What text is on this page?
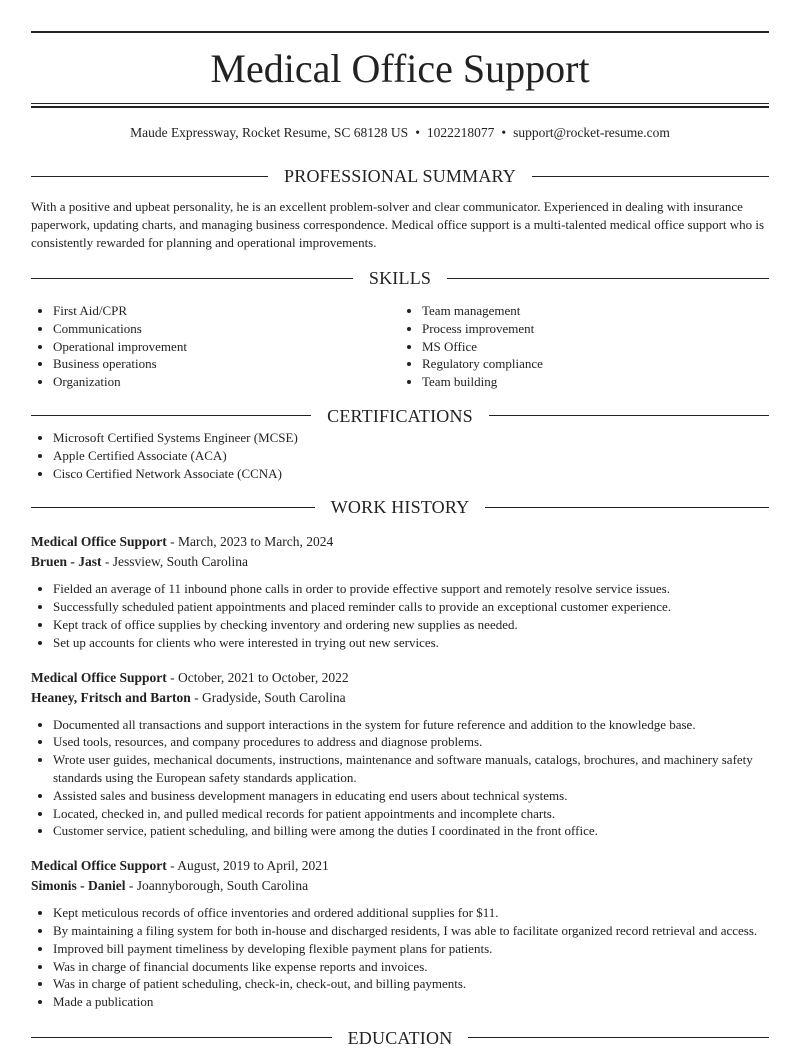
Medical Office Support
Maude Expressway, Rocket Resume, SC 68128 US • 1022218077 • support@rocket-resume.com
PROFESSIONAL SUMMARY

With a positive and upbeat personality, he is an excellent problem-solver and clear communicator. Experienced in dealing with insurance paperwork, updating charts, and managing business correspondence. Medical office support is a multi-talented medical office support who is consistently rewarded for planning and operational improvements.

SKILLS
• First Aid/CPR
• Communications
• Operational improvement
• Business operations
• Organization
• Team management
• Process improvement
• MS Office
• Regulatory compliance
• Team building
CERTIFICATIONS
• Microsoft Certified Systems Engineer (MCSE)
• Apple Certified Associate (ACA)
• Cisco Certified Network Associate (CCNA)
WORK HISTORY
Medical Office Support - March, 2023 to March, 2024
Bruen - Jast - Jessview, South Carolina
• Fielded an average of 11 inbound phone calls in order to provide effective support and remotely resolve service issues.
• Successfully scheduled patient appointments and placed reminder calls to provide an exceptional customer experience.
• Kept track of office supplies by checking inventory and ordering new supplies as needed.
• Set up accounts for clients who were interested in trying out new services.
Medical Office Support - October, 2021 to October, 2022
Heaney, Fritsch and Barton - Gradyside, South Carolina
• Documented all transactions and support interactions in the system for future reference and addition to the knowledge base.
• Used tools, resources, and company procedures to address and diagnose problems.
• Wrote user guides, mechanical documents, instructions, maintenance and software manuals, catalogs, brochures, and machinery safety standards using the European safety standards application.
• Assisted sales and business development managers in educating end users about technical systems.
• Located, checked in, and pulled medical records for patient appointments and incomplete charts.
• Customer service, patient scheduling, and billing were among the duties I coordinated in the front office.
Medical Office Support - August, 2019 to April, 2021
Simonis - Daniel - Joannyborough, South Carolina
• Kept meticulous records of office inventories and ordered additional supplies for $11.
• By maintaining a filing system for both in-house and discharged residents, I was able to facilitate organized record retrieval and access.
• Improved bill payment timeliness by developing flexible payment plans for patients.
• Was in charge of financial documents like expense reports and invoices.
• Was in charge of patient scheduling, check-in, check-out, and billing payments.
• Made a publication
EDUCATION
